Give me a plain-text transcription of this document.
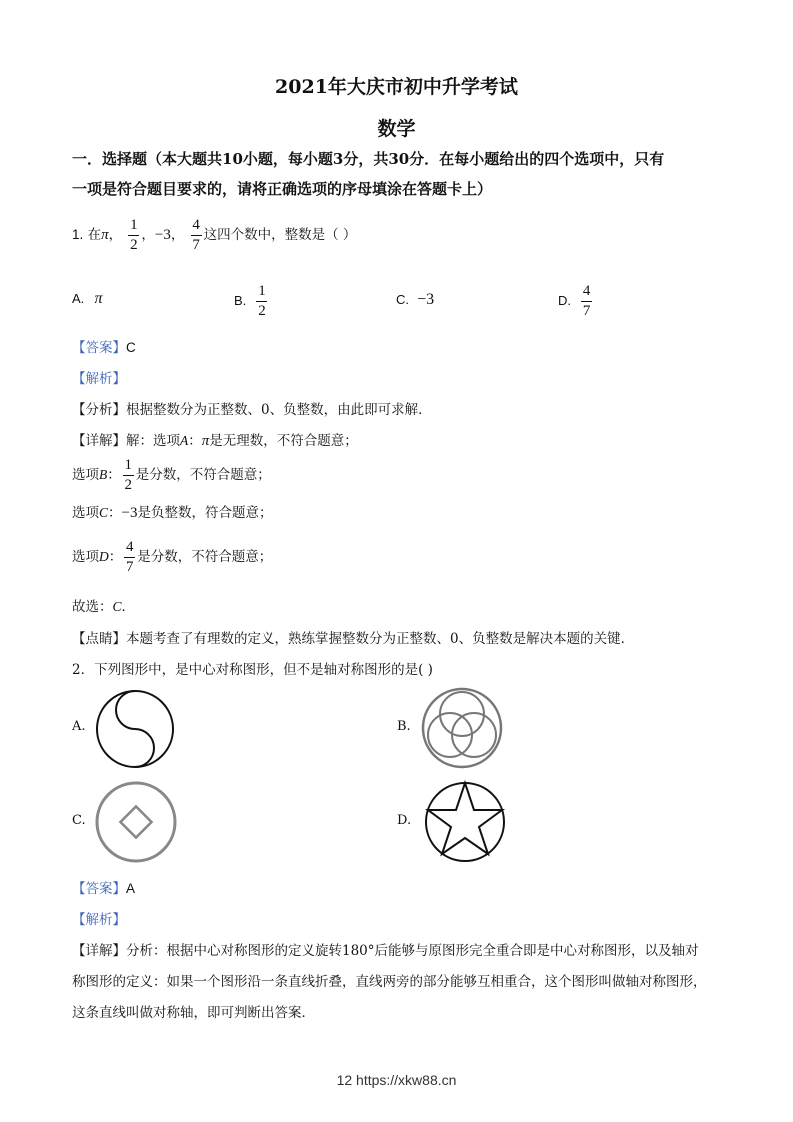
2021年大庆市初中升学考试
数学
一．选择题（本大题共10小题，每小题3分，共30分．在每小题给出的四个选项中，只有
一项是符合题目要求的，请将正确选项的序母填涂在答题卡上）
1. 在π， $\frac{1}{2}$ ，−3， $\frac{4}{7}$ 这四个数中，整数是（ ）
A. π	B. $\frac{1}{2}$	C. −3	D. $\frac{4}{7}$
【答案】C
【解析】
【分析】根据整数分为正整数、0、负整数，由此即可求解．
【详解】解：选项A：π是无理数，不符合题意；
选项B： $\frac{1}{2}$ 是分数，不符合题意；
选项C：−3是负整数，符合题意；
选项D： $\frac{4}{7}$ 是分数，不符合题意；
故选：C．
【点睛】本题考查了有理数的定义，熟练掌握整数分为正整数、0、负整数是解决本题的关键．
2．下列图形中，是中心对称图形，但不是轴对称图形的是( )
A.	B.
C.	D.
【答案】A
【解析】
【详解】分析：根据中心对称图形的定义旋转180°后能够与原图形完全重合即是中心对称图形，以及轴对
称图形的定义：如果一个图形沿一条直线折叠，直线两旁的部分能够互相重合，这个图形叫做轴对称图形，
这条直线叫做对称轴，即可判断出答案．
12 https://xkw88.cn
